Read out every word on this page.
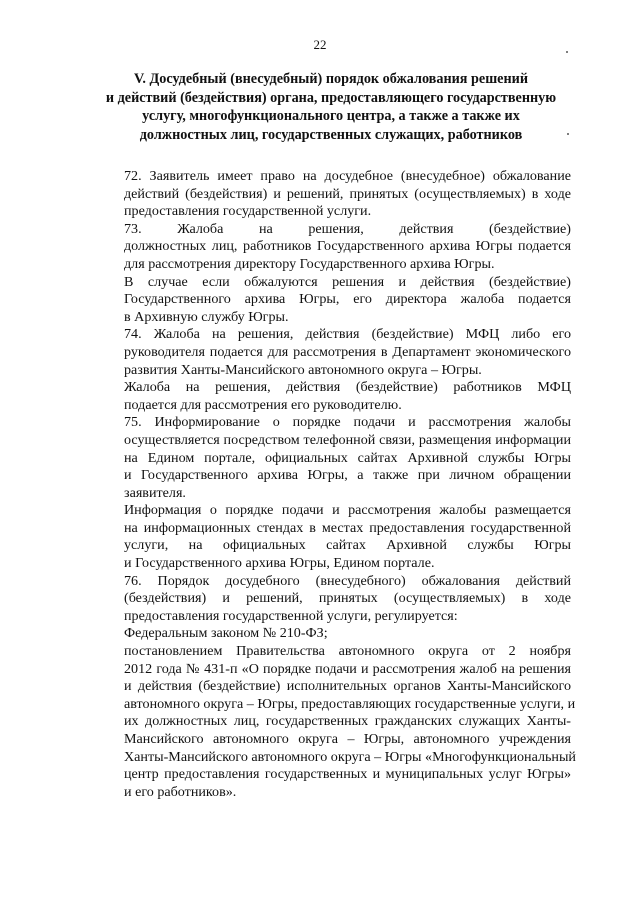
22
V. Досудебный (внесудебный) порядок обжалования решений
и действий (бездействия) органа, предоставляющего государственную
услугу, многофункционального центра, а также а также их
должностных лиц, государственных служащих, работников

72. Заявитель имеет право на досудебное (внесудебное) обжалование
действий (бездействия) и решений, принятых (осуществляемых) в ходе
предоставления государственной услуги.

73. Жалоба на решения, действия (бездействие)
должностных лиц, работников Государственного архива Югры подается
для рассмотрения директору Государственного архива Югры.

В случае если обжалуются решения и действия (бездействие)
Государственного архива Югры, его директора жалоба подается
в Архивную службу Югры.

74. Жалоба на решения, действия (бездействие) МФЦ либо его
руководителя подается для рассмотрения в Департамент экономического
развития Ханты-Мансийского автономного округа – Югры.

Жалоба на решения, действия (бездействие) работников МФЦ
подается для рассмотрения его руководителю.

75. Информирование о порядке подачи и рассмотрения жалобы
осуществляется посредством телефонной связи, размещения информации
на Едином портале, официальных сайтах Архивной службы Югры
и Государственного архива Югры, а также при личном обращении
заявителя.

Информация о порядке подачи и рассмотрения жалобы размещается
на информационных стендах в местах предоставления государственной
услуги, на официальных сайтах Архивной службы Югры
и Государственного архива Югры, Едином портале.

76. Порядок досудебного (внесудебного) обжалования действий
(бездействия) и решений, принятых (осуществляемых) в ходе
предоставления государственной услуги, регулируется:

Федеральным законом № 210-ФЗ;

постановлением Правительства автономного округа от 2 ноября
2012 года № 431-п «О порядке подачи и рассмотрения жалоб на решения
и действия (бездействие) исполнительных органов Ханты-Мансийского
автономного округа – Югры, предоставляющих государственные услуги, и
их должностных лиц, государственных гражданских служащих Ханты-
Мансийского автономного округа – Югры, автономного учреждения
Ханты-Мансийского автономного округа – Югры «Многофункциональный
центр предоставления государственных и муниципальных услуг Югры»
и его работников».
